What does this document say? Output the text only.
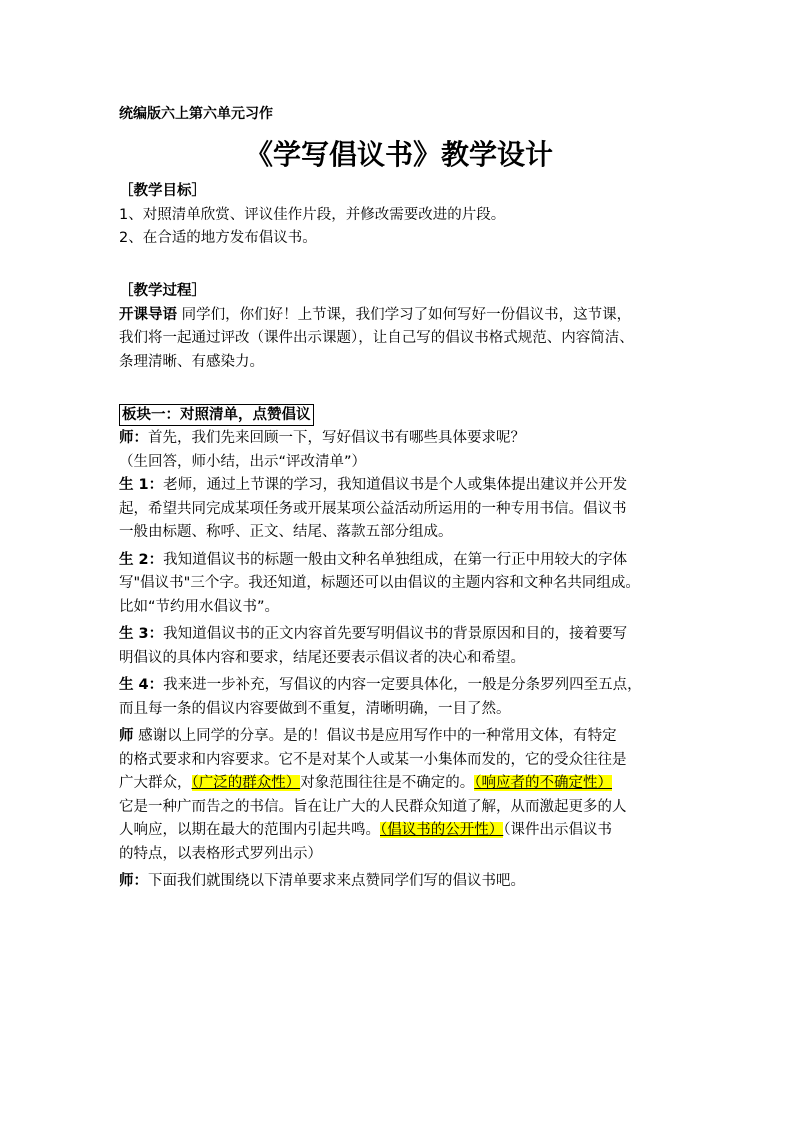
统编版六上第六单元习作
《学写倡议书》教学设计
［教学目标］
1、对照清单欣赏、评议佳作片段，并修改需要改进的片段。
2、在合适的地方发布倡议书。
［教学过程］
开课导语 同学们，你们好！上节课，我们学习了如何写好一份倡议书，这节课，
我们将一起通过评改（课件出示课题），让自己写的倡议书格式规范、内容简洁、
条理清晰、有感染力。
板块一：对照清单，点赞倡议
师：首先，我们先来回顾一下，写好倡议书有哪些具体要求呢？
（生回答，师小结，出示“评改清单”）
生 1：老师，通过上节课的学习，我知道倡议书是个人或集体提出建议并公开发
起，希望共同完成某项任务或开展某项公益活动所运用的一种专用书信。倡议书
一般由标题、称呼、正文、结尾、落款五部分组成。
生 2：我知道倡议书的标题一般由文种名单独组成，在第一行正中用较大的字体
写"倡议书"三个字。我还知道，标题还可以由倡议的主题内容和文种名共同组成。
比如“节约用水倡议书”。
生 3：我知道倡议书的正文内容首先要写明倡议书的背景原因和目的，接着要写
明倡议的具体内容和要求，结尾还要表示倡议者的决心和希望。
生 4：我来进一步补充，写倡议的内容一定要具体化，一般是分条罗列四至五点，
而且每一条的倡议内容要做到不重复，清晰明确，一目了然。
师 感谢以上同学的分享。是的！倡议书是应用写作中的一种常用文体，有特定
的格式要求和内容要求。它不是对某个人或某一小集体而发的，它的受众往往是
广大群众，（广泛的群众性）对象范围往往是不确定的。（响应者的不确定性）
它是一种广而告之的书信。旨在让广大的人民群众知道了解，从而激起更多的人
人响应，以期在最大的范围内引起共鸣。（倡议书的公开性）（课件出示倡议书
的特点，以表格形式罗列出示）
师：下面我们就围绕以下清单要求来点赞同学们写的倡议书吧。
